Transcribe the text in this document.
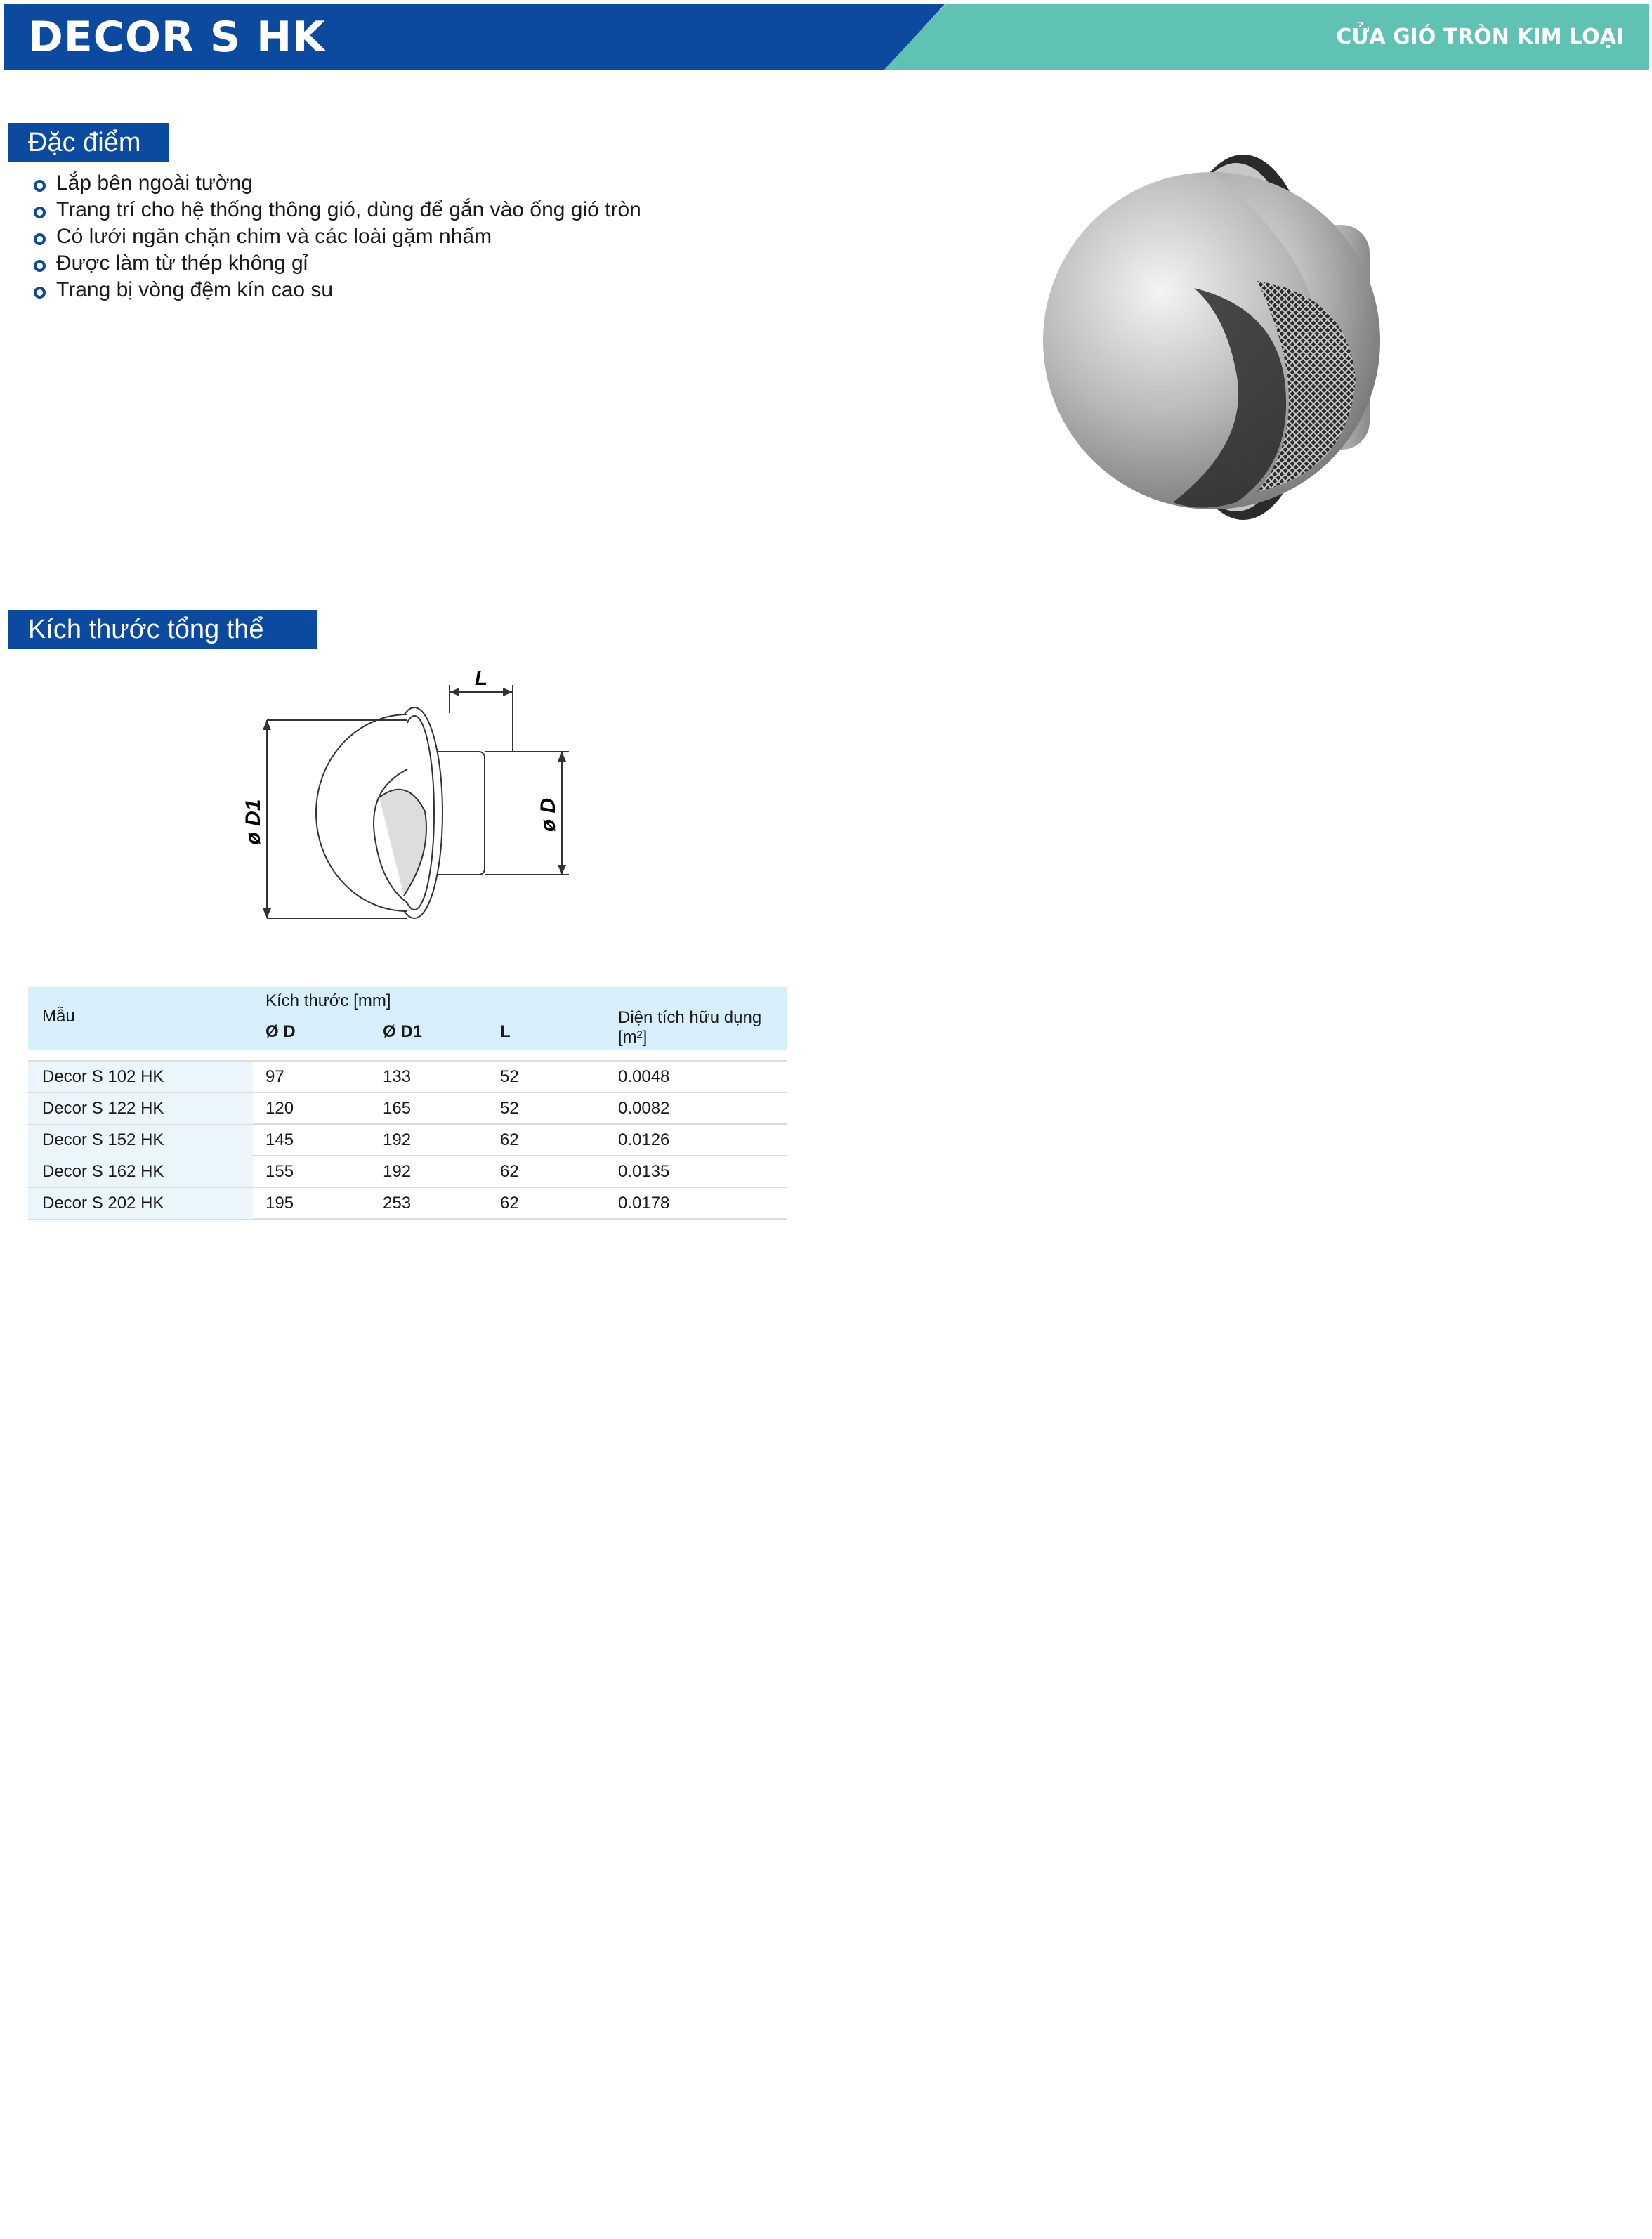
DECOR S HK	CỬA GIÓ TRÒN KIM LOẠI
Đặc điểm
Lắp bên ngoài tường
Trang trí cho hệ thống thông gió, dùng để gắn vào ống gió tròn
Có lưới ngăn chặn chim và các loài gặm nhấm
Được làm từ thép không gỉ
Trang bị vòng đệm kín cao su
Kích thước tổng thể
L
ø D1	ø D
Mẫu
Kích thước [mm]
Ø D	Ø D1	L
Diện tích hữu dụng [m²]
Decor S 102 HK	97	133	52	0.0048
Decor S 122 HK	120	165	52	0.0082
Decor S 152 HK	145	192	62	0.0126
Decor S 162 HK	155	192	62	0.0135
Decor S 202 HK	195	253	62	0.0178
